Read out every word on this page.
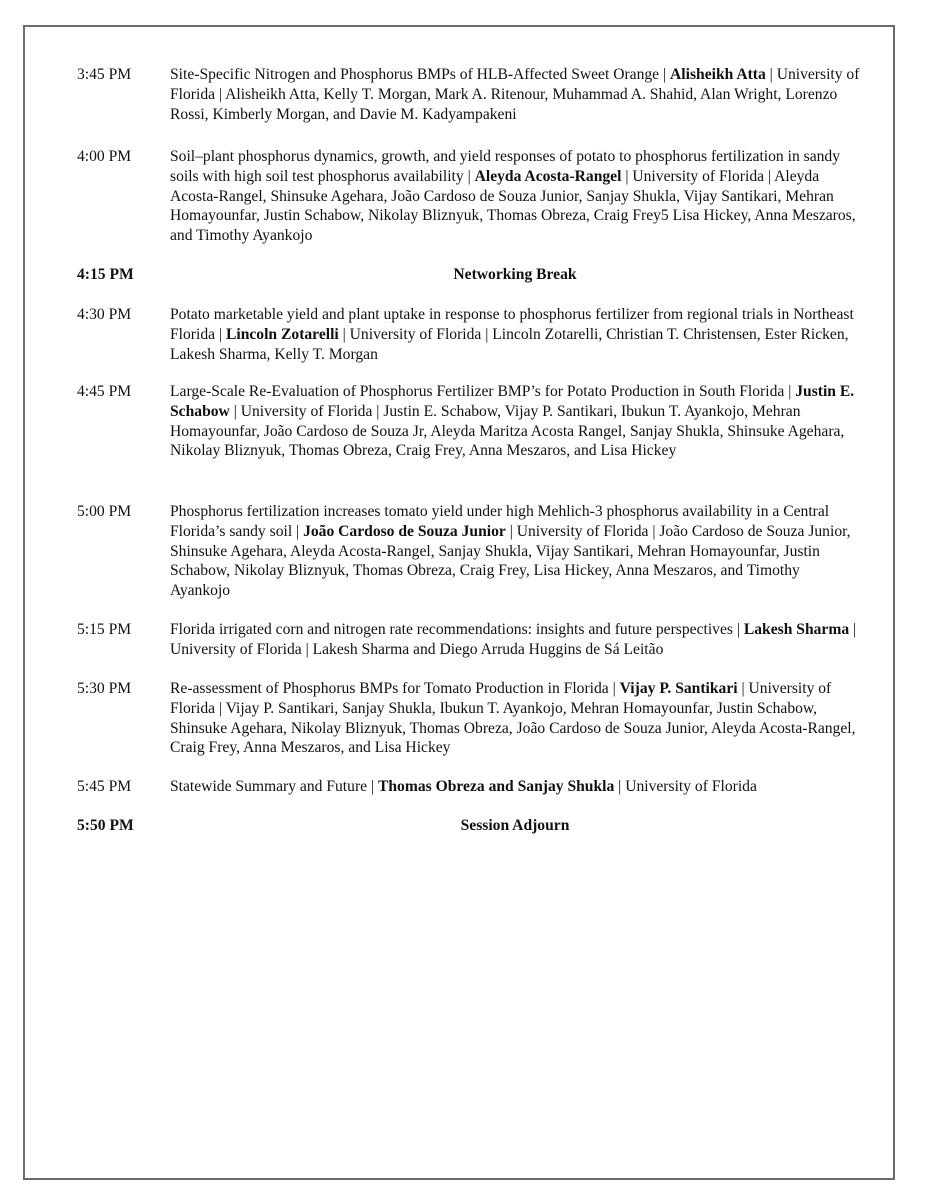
3:45 PM	Site-Specific Nitrogen and Phosphorus BMPs of HLB-Affected Sweet Orange | Alisheikh Atta | University of Florida | Alisheikh Atta, Kelly T. Morgan, Mark A. Ritenour, Muhammad A. Shahid, Alan Wright, Lorenzo Rossi, Kimberly Morgan, and Davie M. Kadyampakeni
4:00 PM	Soil–plant phosphorus dynamics, growth, and yield responses of potato to phosphorus fertilization in sandy soils with high soil test phosphorus availability | Aleyda Acosta-Rangel | University of Florida | Aleyda Acosta-Rangel, Shinsuke Agehara, João Cardoso de Souza Junior, Sanjay Shukla, Vijay Santikari, Mehran Homayounfar, Justin Schabow, Nikolay Bliznyuk, Thomas Obreza, Craig Frey5 Lisa Hickey, Anna Meszaros, and Timothy Ayankojo
4:15 PM	Networking Break
4:30 PM	Potato marketable yield and plant uptake in response to phosphorus fertilizer from regional trials in Northeast Florida | Lincoln Zotarelli | University of Florida | Lincoln Zotarelli, Christian T. Christensen, Ester Ricken, Lakesh Sharma, Kelly T. Morgan
4:45 PM	Large-Scale Re-Evaluation of Phosphorus Fertilizer BMP’s for Potato Production in South Florida | Justin E. Schabow | University of Florida | Justin E. Schabow, Vijay P. Santikari, Ibukun T. Ayankojo, Mehran Homayounfar, João Cardoso de Souza Jr, Aleyda Maritza Acosta Rangel, Sanjay Shukla, Shinsuke Agehara, Nikolay Bliznyuk, Thomas Obreza, Craig Frey, Anna Meszaros, and Lisa Hickey
5:00 PM	Phosphorus fertilization increases tomato yield under high Mehlich-3 phosphorus availability in a Central Florida’s sandy soil | João Cardoso de Souza Junior | University of Florida | João Cardoso de Souza Junior, Shinsuke Agehara, Aleyda Acosta-Rangel, Sanjay Shukla, Vijay Santikari, Mehran Homayounfar, Justin Schabow, Nikolay Bliznyuk, Thomas Obreza, Craig Frey, Lisa Hickey, Anna Meszaros, and Timothy Ayankojo
5:15 PM	Florida irrigated corn and nitrogen rate recommendations: insights and future perspectives | Lakesh Sharma | University of Florida | Lakesh Sharma and Diego Arruda Huggins de Sá Leitão
5:30 PM	Re-assessment of Phosphorus BMPs for Tomato Production in Florida | Vijay P. Santikari | University of Florida | Vijay P. Santikari, Sanjay Shukla, Ibukun T. Ayankojo, Mehran Homayounfar, Justin Schabow, Shinsuke Agehara, Nikolay Bliznyuk, Thomas Obreza, João Cardoso de Souza Junior, Aleyda Acosta-Rangel, Craig Frey, Anna Meszaros, and Lisa Hickey
5:45 PM	Statewide Summary and Future | Thomas Obreza and Sanjay Shukla | University of Florida
5:50 PM	Session Adjourn
